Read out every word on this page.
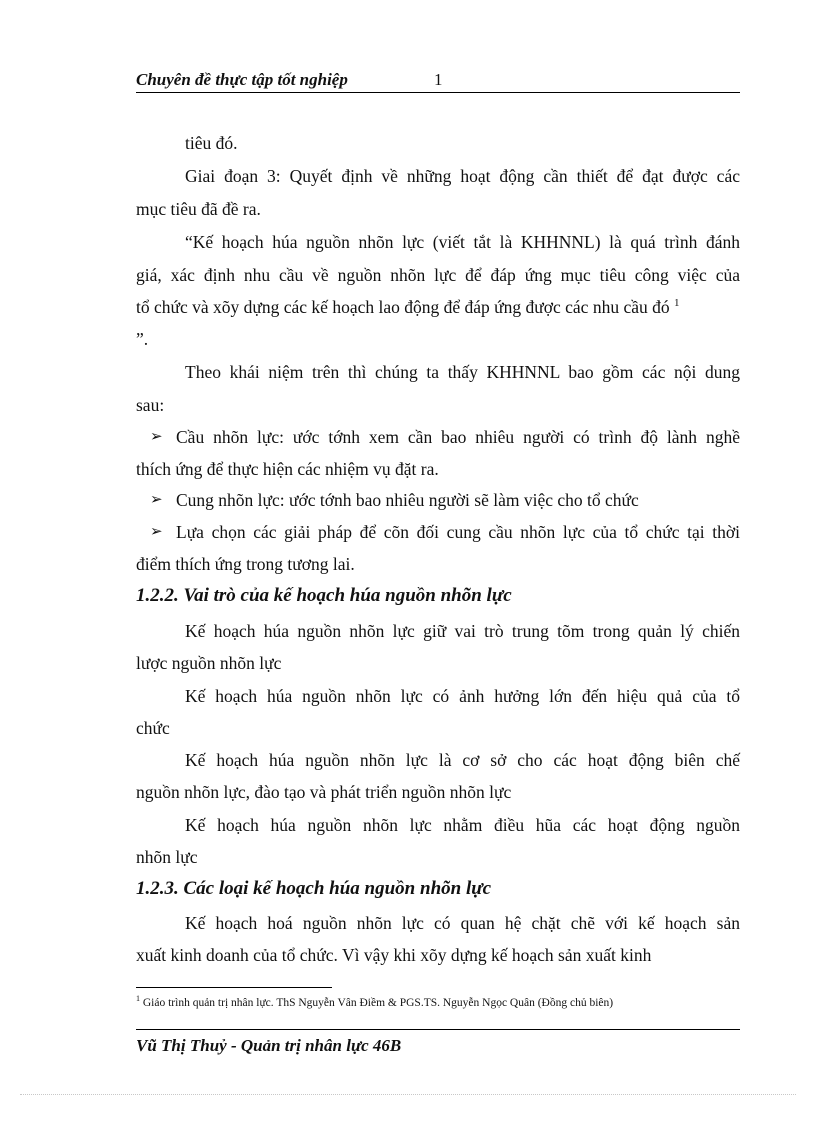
Chuyên đề thực tập tốt nghiệp	1
tiêu đó.
Giai đoạn 3: Quyết định về những hoạt động cần thiết để đạt được các
mục tiêu đã đề ra.
“Kế hoạch húa nguồn nhõn lực (viết tắt là KHHNNL) là quá trình đánh
giá, xác định nhu cầu về nguồn nhõn lực để đáp ứng mục tiêu công việc của
tổ chức và xõy dựng các kế hoạch lao động để đáp ứng được các nhu cầu đó $^1$
”.
Theo khái niệm trên thì chúng ta thấy KHHNNL bao gồm các nội dung
sau:
➢ Cầu nhõn lực: ước tớnh xem cần bao nhiêu người có trình độ lành nghề
thích ứng để thực hiện các nhiệm vụ đặt ra.
➢ Cung nhõn lực: ước tớnh bao nhiêu người sẽ làm việc cho tổ chức
➢ Lựa chọn các giải pháp để cõn đối cung cầu nhõn lực của tổ chức tại thời
điểm thích ứng trong tương lai.
1.2.2. Vai trò của kế hoạch húa nguồn nhõn lực
Kế hoạch húa nguồn nhõn lực giữ vai trò trung tõm trong quản lý chiến
lược nguồn nhõn lực
Kế hoạch húa nguồn nhõn lực có ảnh hưởng lớn đến hiệu quả của tổ
chức
Kế hoạch húa nguồn nhõn lực là cơ sở cho các hoạt động biên chế
nguồn nhõn lực, đào tạo và phát triển nguồn nhõn lực
Kế hoạch húa nguồn nhõn lực nhằm điều hũa các hoạt động nguồn
nhõn lực
1.2.3. Các loại kế hoạch húa nguồn nhõn lực
Kế hoạch hoá nguồn nhõn lực có quan hệ chặt chẽ với kế hoạch sản
xuất kinh doanh của tổ chức. Vì vậy khi xõy dựng kế hoạch sản xuất kinh
$^1$ Giáo trình quản trị nhân lực. ThS Nguyễn Vân Điềm & PGS.TS. Nguyễn Ngọc Quân (Đồng chủ biên)
Vũ Thị Thuỷ - Quản trị nhân lực 46B
